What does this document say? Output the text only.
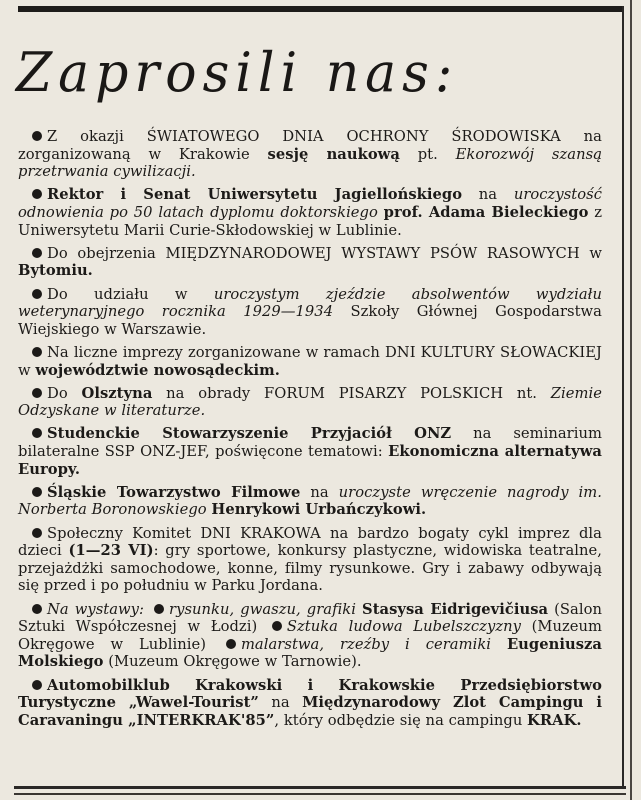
Zaprosili nas:
Z okazji ŚWIATOWEGO DNIA OCHRONY ŚRODOWISKA na zorganizowaną w Krakowie sesję naukową pt. Ekorozwój szansą przetrwania cywilizacji.
Rektor i Senat Uniwersytetu Jagiellońskiego na uroczystość odnowienia po 50 latach dyplomu doktorskiego prof. Adama Bieleckiego z Uniwersytetu Marii Curie-Skłodowskiej w Lublinie.
Do obejrzenia MIĘDZYNARODOWEJ WYSTAWY PSÓW RASOWYCH w Bytomiu.
Do udziału w uroczystym zjeździe absolwentów wydziału weterynaryjnego rocznika 1929—1934 Szkoły Głównej Gospodarstwa Wiejskiego w Warszawie.
Na liczne imprezy zorganizowane w ramach DNI KULTURY SŁOWACKIEJ w województwie nowosądeckim.
Do Olsztyna na obrady FORUM PISARZY POLSKICH nt. Ziemie Odzyskane w literaturze.
Studenckie Stowarzyszenie Przyjaciół ONZ na seminarium bilateralne SSP ONZ-JEF, poświęcone tematowi: Ekonomiczna alternatywa Europy.
Śląskie Towarzystwo Filmowe na uroczyste wręczenie nagrody im. Norberta Boronowskiego Henrykowi Urbańczykowi.
Społeczny Komitet DNI KRAKOWA na bardzo bogaty cykl imprez dla dzieci (1—23 VI): gry sportowe, konkursy plastyczne, widowiska teatralne, przejażdżki samochodowe, konne, filmy rysunkowe. Gry i zabawy odbywają się przed i po południu w Parku Jordana.
Na wystawy: rysunku, gwaszu, grafiki Stasysa Eidrigevičiusa (Salon Sztuki Współczesnej w Łodzi) Sztuka ludowa Lubelszczyzny (Muzeum Okręgowe w Lublinie) malarstwa, rzeźby i ceramiki Eugeniusza Molskiego (Muzeum Okręgowe w Tarnowie).
Automobilklub Krakowski i Krakowskie Przedsiębiorstwo Turystyczne „Wawel-Tourist” na Międzynarodowy Zlot Campingu i Caravaningu „INTERKRAK'85”, który odbędzie się na campingu KRAK.
